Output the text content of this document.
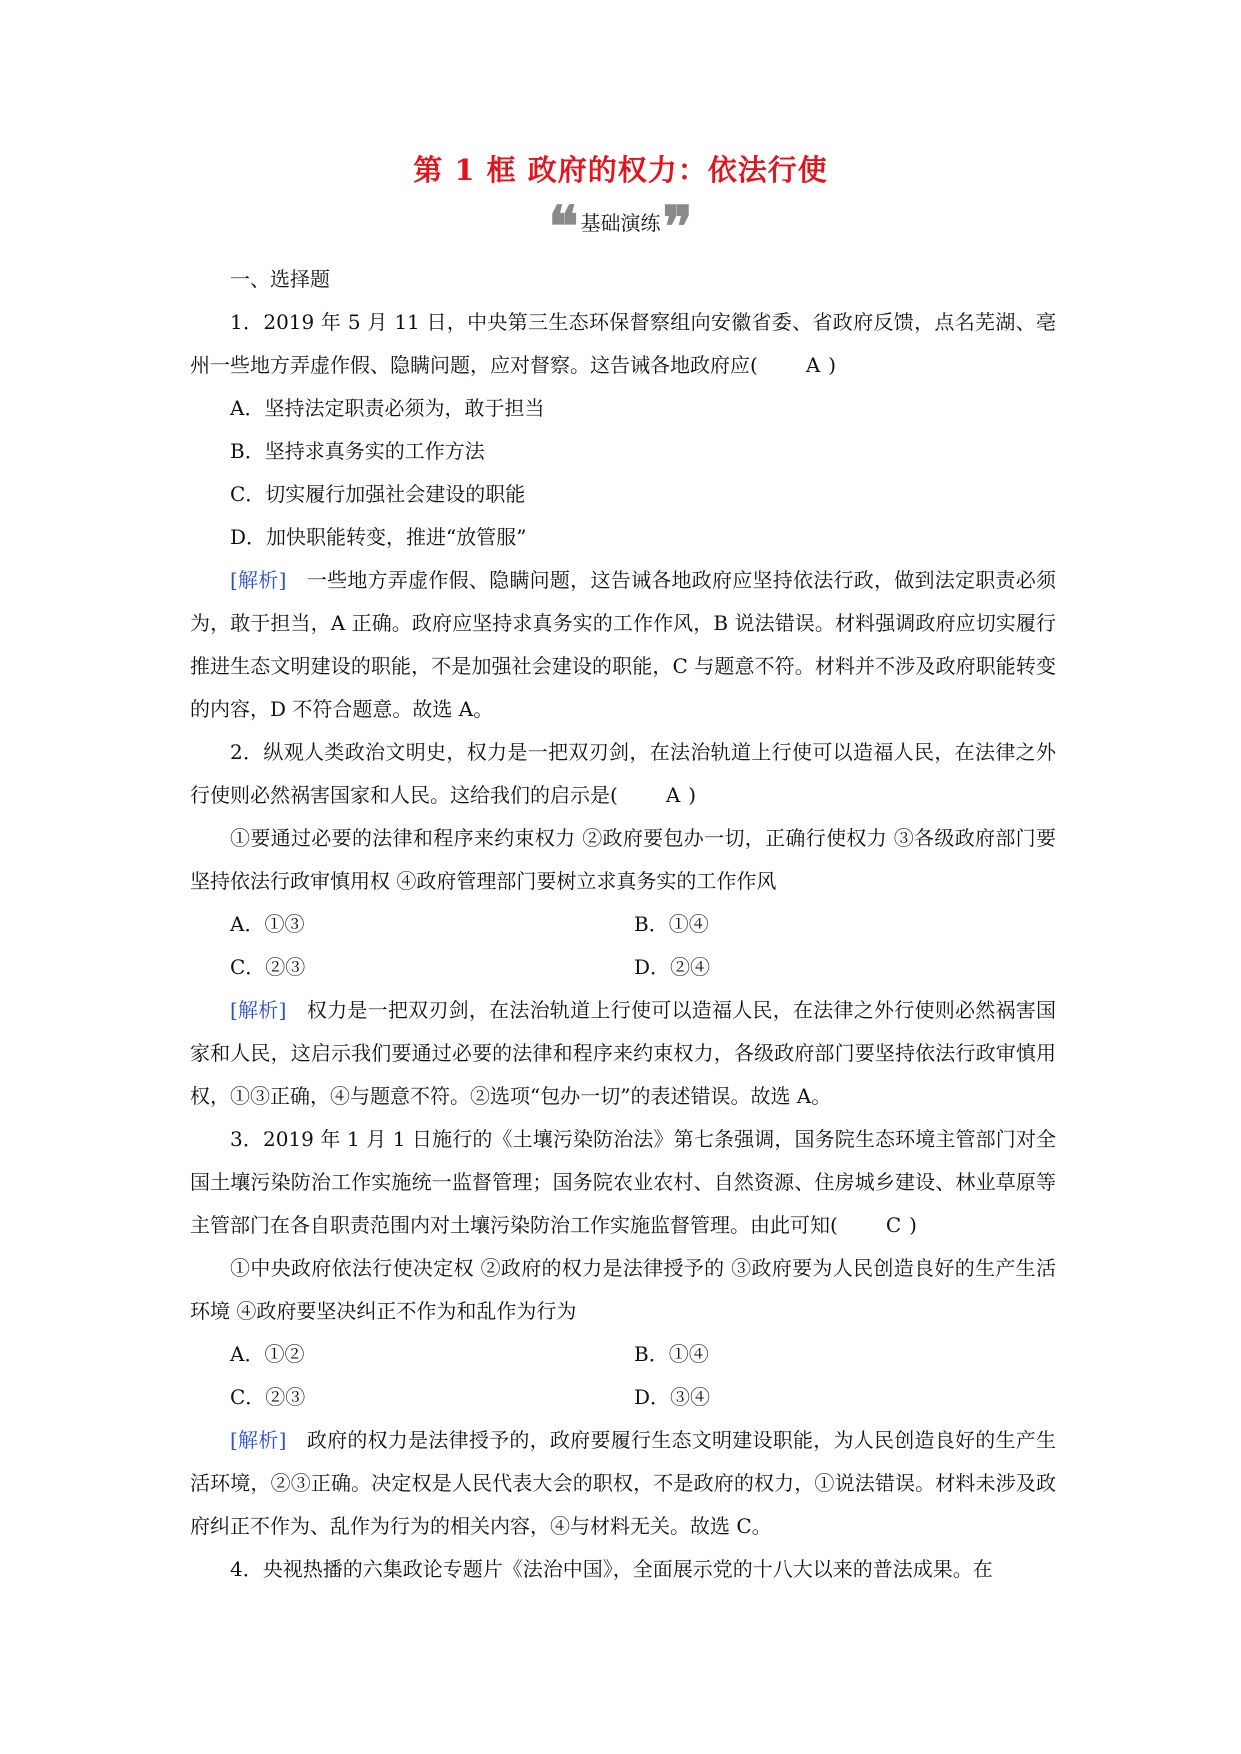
第 1 框 政府的权力：依法行使
❝ 基础演练 ❞
一、选择题
1．2019 年 5 月 11 日，中央第三生态环保督察组向安徽省委、省政府反馈，点名芜湖、亳州一些地方弄虚作假、隐瞒问题，应对督察。这告诫各地政府应( A )
A．坚持法定职责必须为，敢于担当
B．坚持求真务实的工作方法
C．切实履行加强社会建设的职能
D．加快职能转变，推进“放管服”
[解析]　 一些地方弄虚作假、隐瞒问题，这告诫各地政府应坚持依法行政，做到法定职责必须为，敢于担当，A 正确。政府应坚持求真务实的工作作风，B 说法错误。材料强调政府应切实履行推进生态文明建设的职能，不是加强社会建设的职能，C 与题意不符。材料并不涉及政府职能转变的内容，D 不符合题意。故选 A。
2．纵观人类政治文明史，权力是一把双刃剑，在法治轨道上行使可以造福人民，在法律之外行使则必然祸害国家和人民。这给我们的启示是( A )
①要通过必要的法律和程序来约束权力 ②政府要包办一切，正确行使权力 ③各级政府部门要坚持依法行政审慎用权 ④政府管理部门要树立求真务实的工作作风
A．①③	B．①④
C．②③	D．②④
[解析]　 权力是一把双刃剑，在法治轨道上行使可以造福人民，在法律之外行使则必然祸害国家和人民，这启示我们要通过必要的法律和程序来约束权力，各级政府部门要坚持依法行政审慎用权，①③正确，④与题意不符。②选项“包办一切”的表述错误。故选 A。
3．2019 年 1 月 1 日施行的《土壤污染防治法》第七条强调，国务院生态环境主管部门对全国土壤污染防治工作实施统一监督管理；国务院农业农村、自然资源、住房城乡建设、林业草原等主管部门在各自职责范围内对土壤污染防治工作实施监督管理。由此可知( C )
①中央政府依法行使决定权 ②政府的权力是法律授予的 ③政府要为人民创造良好的生产生活环境 ④政府要坚决纠正不作为和乱作为行为
A．①②	B．①④
C．②③	D．③④
[解析]　 政府的权力是法律授予的，政府要履行生态文明建设职能，为人民创造良好的生产生活环境，②③正确。决定权是人民代表大会的职权，不是政府的权力，①说法错误。材料未涉及政府纠正不作为、乱作为行为的相关内容，④与材料无关。故选 C。
4．央视热播的六集政论专题片《法治中国》，全面展示党的十八大以来的普法成果。在
